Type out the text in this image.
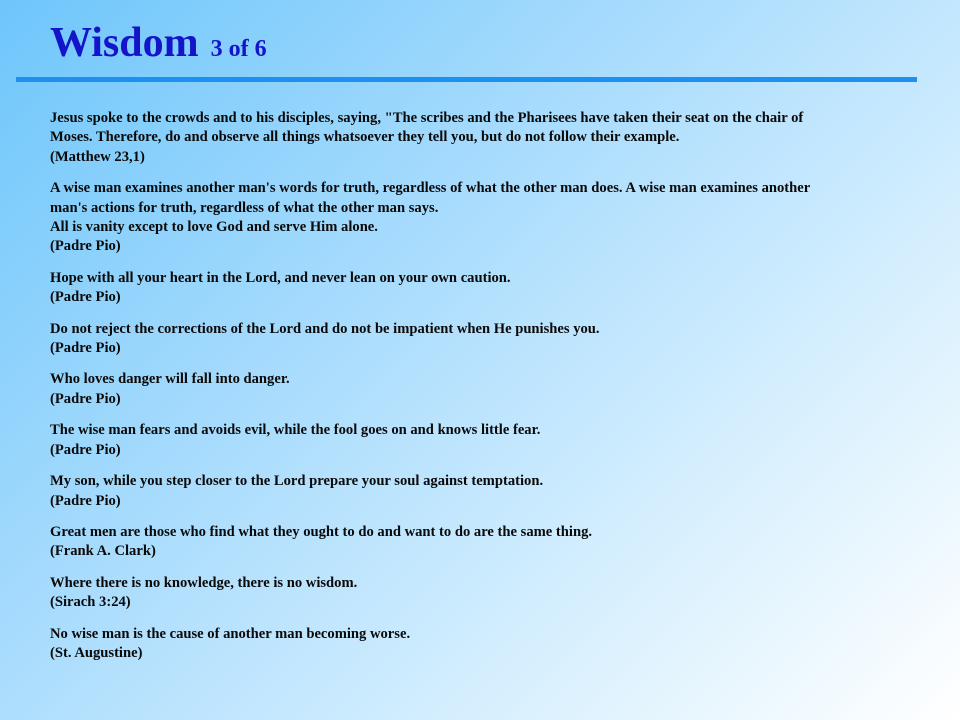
Wisdom 3 of 6

Jesus spoke to the crowds and to his disciples, saying, "The scribes and the Pharisees have taken their seat on the chair of
Moses. Therefore, do and observe all things whatsoever they tell you, but do not follow their example.
(Matthew 23,1)

A wise man examines another man's words for truth, regardless of what the other man does. A wise man examines another
man's actions for truth, regardless of what the other man says.
All is vanity except to love God and serve Him alone.
(Padre Pio)

Hope with all your heart in the Lord, and never lean on your own caution.
(Padre Pio)

Do not reject the corrections of the Lord and do not be impatient when He punishes you.
(Padre Pio)

Who loves danger will fall into danger.
(Padre Pio)

The wise man fears and avoids evil, while the fool goes on and knows little fear.
(Padre Pio)

My son, while you step closer to the Lord prepare your soul against temptation.
(Padre Pio)

Great men are those who find what they ought to do and want to do are the same thing.
(Frank A. Clark)

Where there is no knowledge, there is no wisdom.
(Sirach 3:24)

No wise man is the cause of another man becoming worse.
(St. Augustine)
